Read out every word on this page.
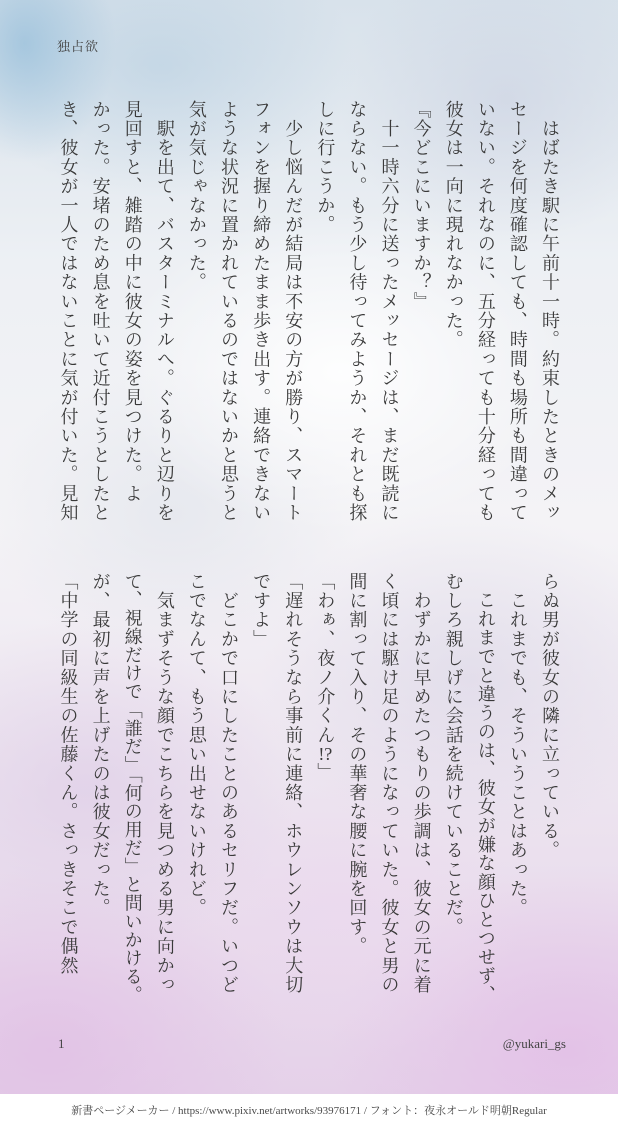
独占欲
　はばたき駅に午前十一時。約束したときのメッ
セージを何度確認しても、時間も場所も間違って
いない。それなのに、五分経っても十分経っても
彼女は一向に現れなかった。
『今どこにいますか？』
　十一時六分に送ったメッセージは、まだ既読に
ならない。もう少し待ってみようか、それとも探
しに行こうか。
　少し悩んだが結局は不安の方が勝り、スマート
フォンを握り締めたまま歩き出す。連絡できない
ような状況に置かれているのではないかと思うと
気が気じゃなかった。
　駅を出て、バスターミナルへ。ぐるりと辺りを
見回すと、雑踏の中に彼女の姿を見つけた。よ
かった。安堵のため息を吐いて近付こうとしたと
き、彼女が一人ではないことに気が付いた。見知
らぬ男が彼女の隣に立っている。
　これまでも、そういうことはあった。
　これまでと違うのは、彼女が嫌な顔ひとつせず、
むしろ親しげに会話を続けていることだ。
　わずかに早めたつもりの歩調は、彼女の元に着
く頃には駆け足のようになっていた。彼女と男の
間に割って入り、その華奢な腰に腕を回す。
「わぁ、夜ノ介くん!?」
「遅れそうなら事前に連絡、ホウレンソウは大切
ですよ」
　どこかで口にしたことのあるセリフだ。いつど
こでなんて、もう思い出せないけれど。
　気まずそうな顔でこちらを見つめる男に向かっ
て、視線だけで「誰だ」「何の用だ」と問いかける。
が、最初に声を上げたのは彼女だった。
「中学の同級生の佐藤くん。さっきそこで偶然
1	@yukari_gs
新書ページメーカー / https://www.pixiv.net/artworks/93976171 / フォント：夜永オールド明朝Regular
